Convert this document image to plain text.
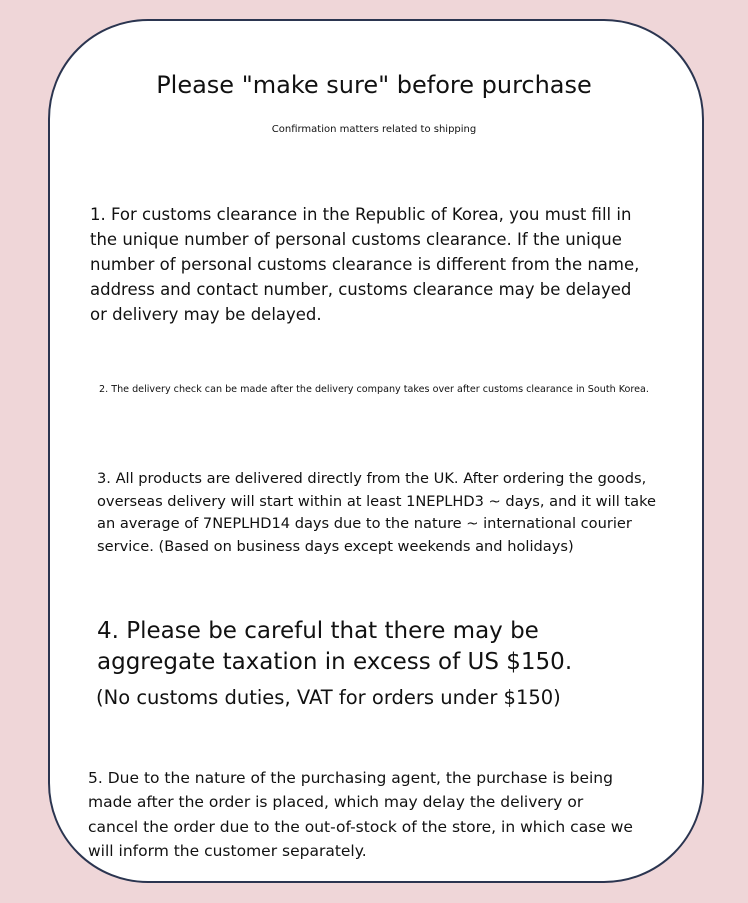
Please "make sure" before purchase
Confirmation matters related to shipping
1. For customs clearance in the Republic of Korea, you must fill in
the unique number of personal customs clearance. If the unique
number of personal customs clearance is different from the name,
address and contact number, customs clearance may be delayed
or delivery may be delayed.
2. The delivery check can be made after the delivery company takes over after customs clearance in South Korea.
3. All products are delivered directly from the UK. After ordering the goods,
overseas delivery will start within at least 1NEPLHD3 ~ days, and it will take
an average of 7NEPLHD14 days due to the nature ~ international courier
service. (Based on business days except weekends and holidays)
4. Please be careful that there may be
aggregate taxation in excess of US $150.
(No customs duties, VAT for orders under $150)
5. Due to the nature of the purchasing agent, the purchase is being
made after the order is placed, which may delay the delivery or
cancel the order due to the out-of-stock of the store, in which case we
will inform the customer separately.
